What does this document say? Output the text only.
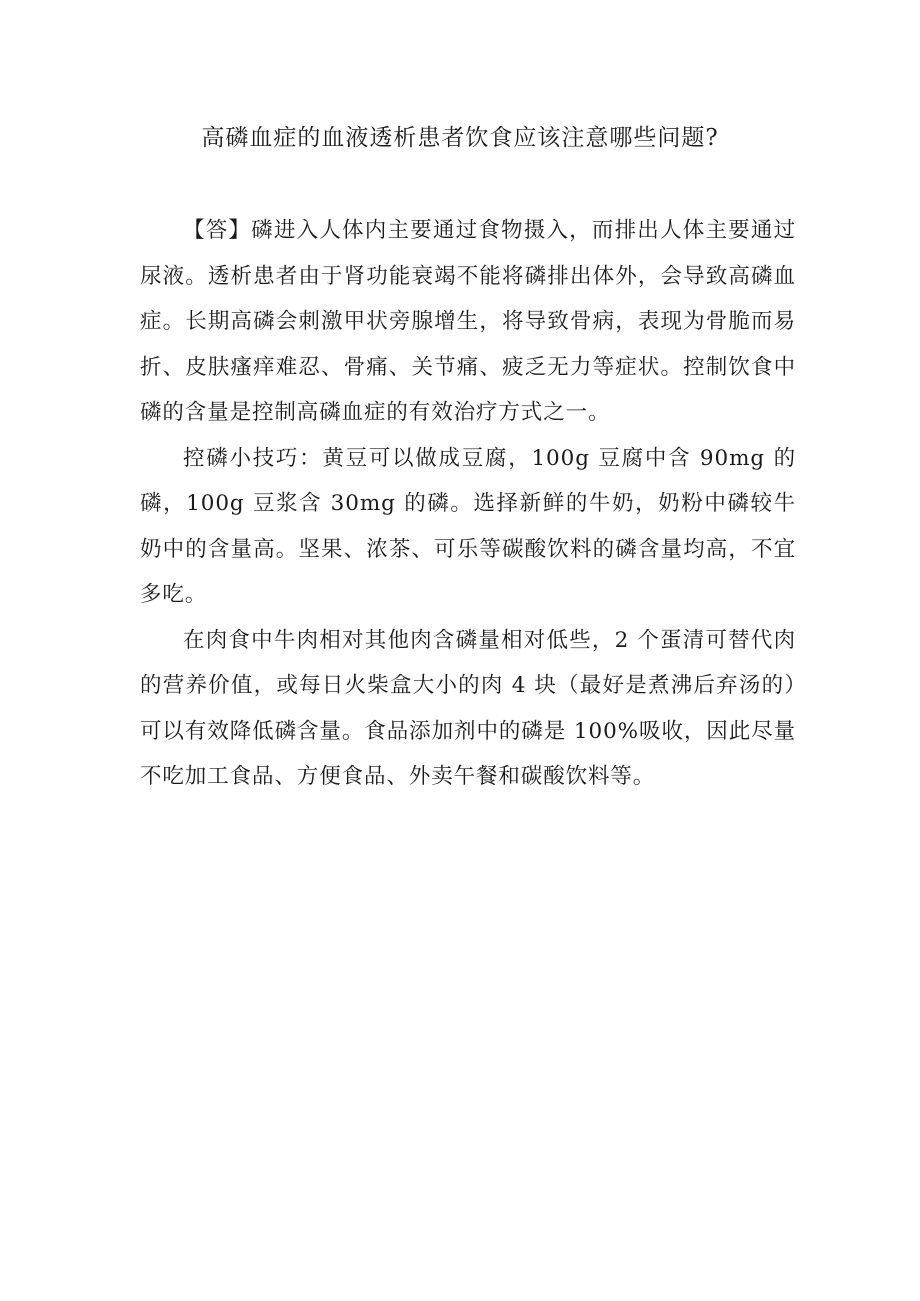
高磷血症的血液透析患者饮食应该注意哪些问题?

【答】磷进入人体内主要通过食物摄入，而排出人体主要通过尿液。透析患者由于肾功能衰竭不能将磷排出体外，会导致高磷血症。长期高磷会刺激甲状旁腺增生，将导致骨病，表现为骨脆而易折、皮肤瘙痒难忍、骨痛、关节痛、疲乏无力等症状。控制饮食中磷的含量是控制高磷血症的有效治疗方式之一。

控磷小技巧：黄豆可以做成豆腐，100g 豆腐中含 90mg 的磷，100g 豆浆含 30mg 的磷。选择新鲜的牛奶，奶粉中磷较牛奶中的含量高。坚果、浓茶、可乐等碳酸饮料的磷含量均高，不宜多吃。

在肉食中牛肉相对其他肉含磷量相对低些，2 个蛋清可替代肉的营养价值，或每日火柴盒大小的肉 4 块（最好是煮沸后弃汤的）可以有效降低磷含量。食品添加剂中的磷是 100%吸收，因此尽量不吃加工食品、方便食品、外卖午餐和碳酸饮料等。
